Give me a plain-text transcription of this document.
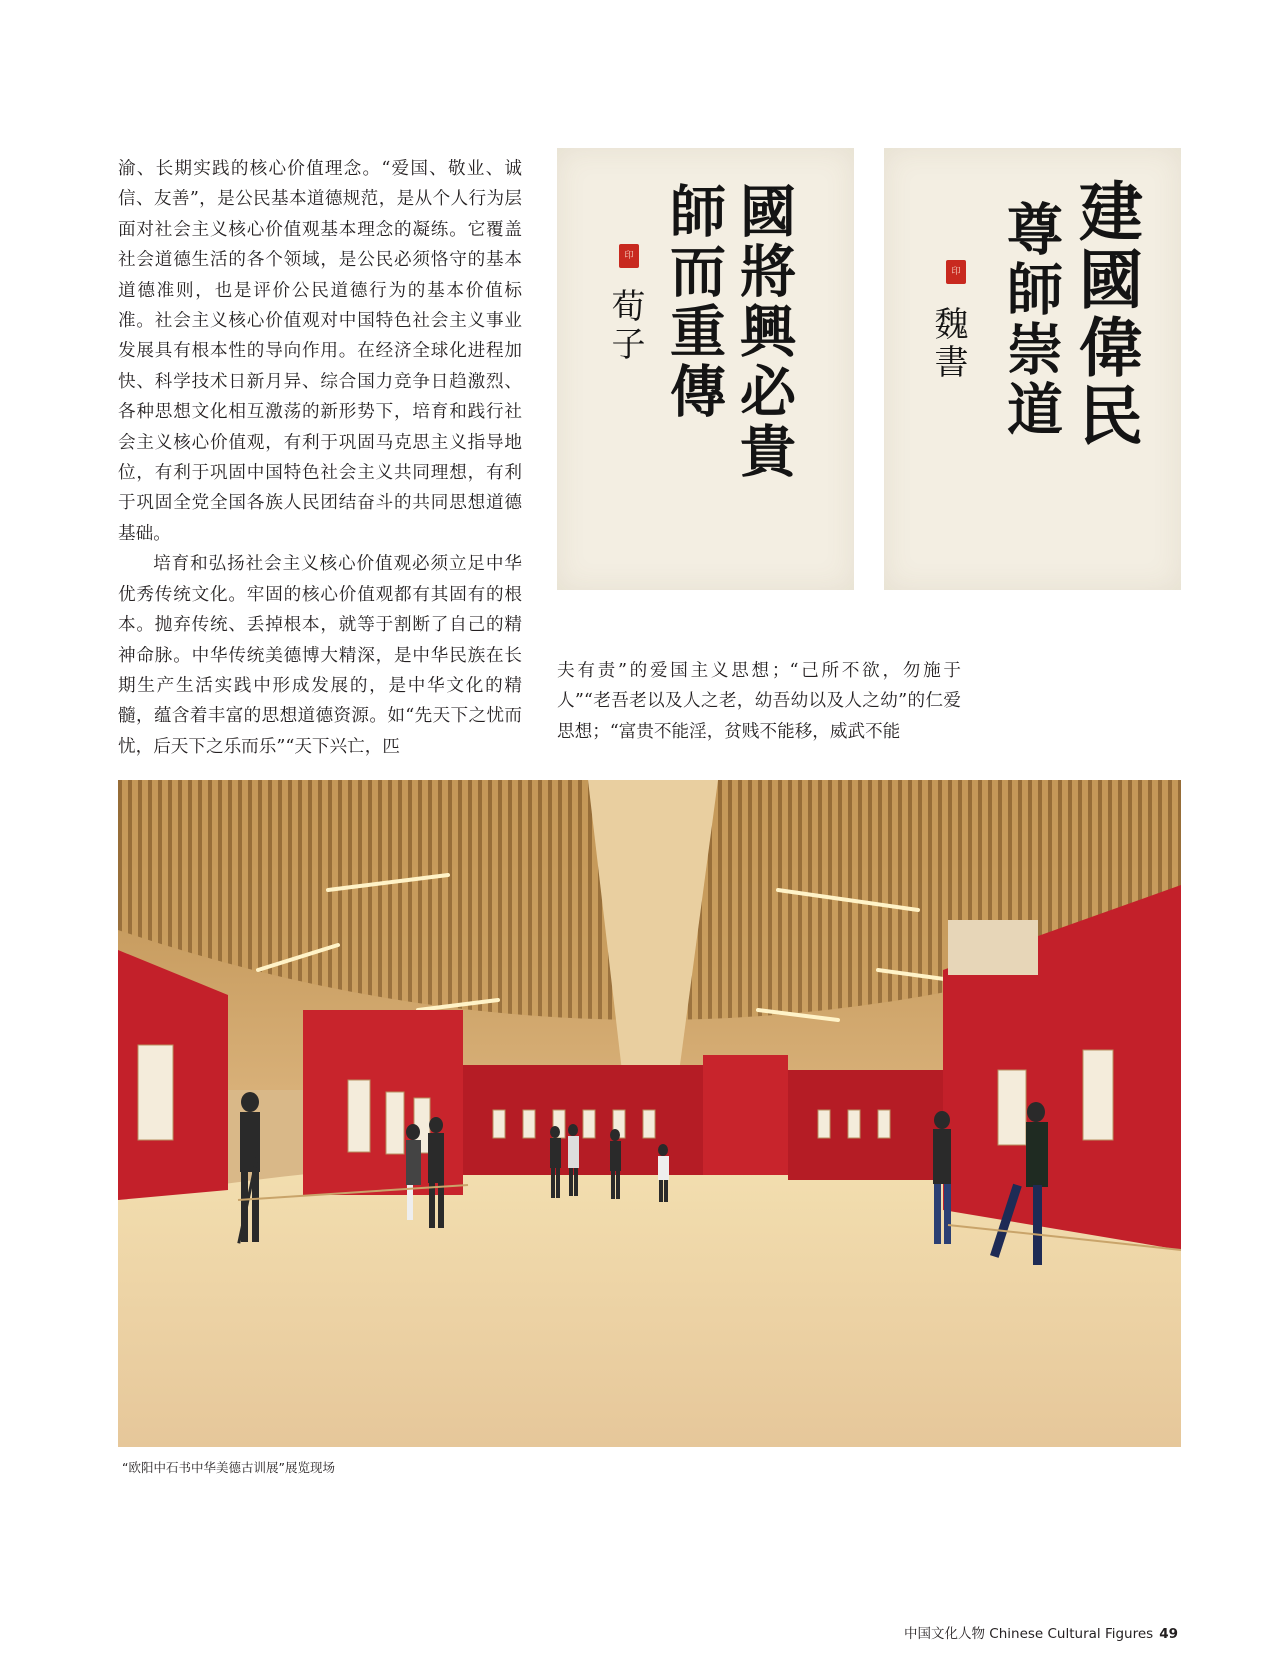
渝、长期实践的核心价值理念。“爱国、敬业、诚信、友善”，是公民基本道德规范，是从个人行为层面对社会主义核心价值观基本理念的凝练。它覆盖社会道德生活的各个领域，是公民必须恪守的基本道德准则，也是评价公民道德行为的基本价值标准。社会主义核心价值观对中国特色社会主义事业发展具有根本性的导向作用。在经济全球化进程加快、科学技术日新月异、综合国力竞争日趋激烈、各种思想文化相互激荡的新形势下，培育和践行社会主义核心价值观，有利于巩固马克思主义指导地位，有利于巩固中国特色社会主义共同理想，有利于巩固全党全国各族人民团结奋斗的共同思想道德基础。

培育和弘扬社会主义核心价值观必须立足中华优秀传统文化。牢固的核心价值观都有其固有的根本。抛弃传统、丢掉根本，就等于割断了自己的精神命脉。中华传统美德博大精深，是中华民族在长期生产生活实践中形成发展的，是中华文化的精髓，蕴含着丰富的思想道德资源。如“先天下之忧而忧，后天下之乐而乐”“天下兴亡，匹

國將興必貴
師而重傳
印
荀子	建國偉民
尊師崇道
印
魏書

夫有责”的爱国主义思想；“己所不欲，勿施于人”“老吾老以及人之老，幼吾幼以及人之幼”的仁爱思想；“富贵不能淫，贫贱不能移，威武不能

“欧阳中石书中华美德古训展”展览现场
中国文化人物 Chinese Cultural Figures 49
